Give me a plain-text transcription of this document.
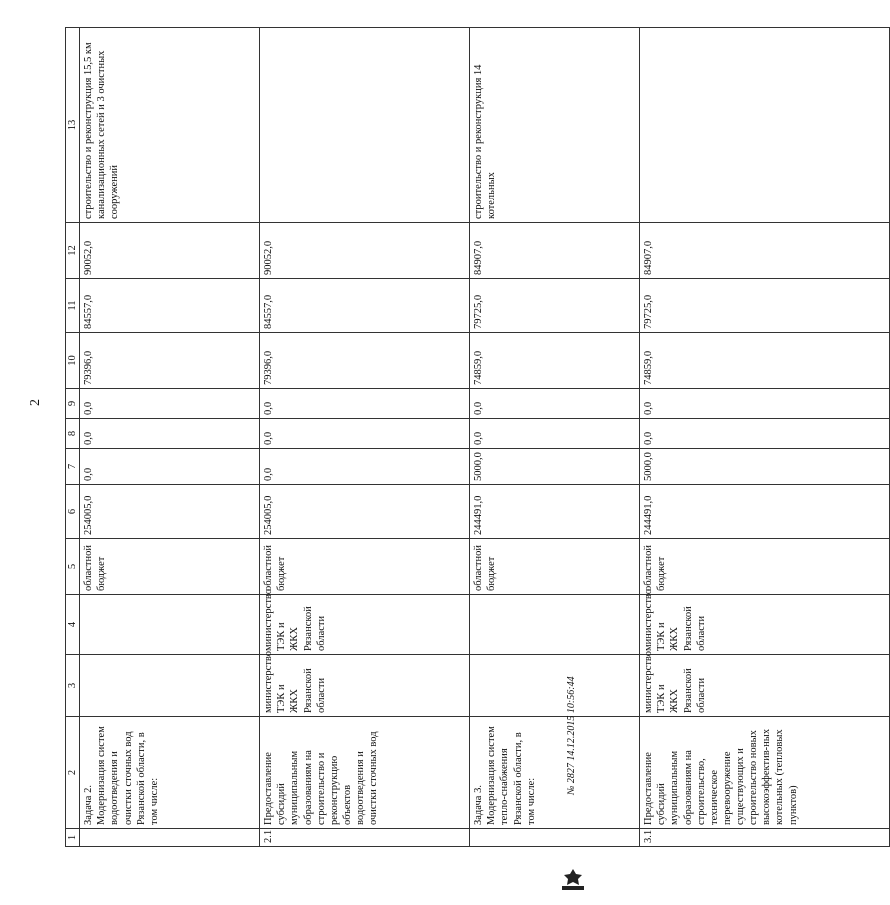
2
1	2	3	4	5	6	7	8	9	10	11	12	13
	Задача 2. Модернизация систем водоотведения и очистки сточных вод Рязанской области, в том числе:			областной бюджет	254005,0	0,0	0,0	0,0	79396,0	84557,0	90052,0	строительство и реконструкция 15,5 км канализационных сетей и 3 очистных сооружений
2.1	Предоставление субсидий муниципальным образованиям на строительство и реконструкцию объектов водоотведения и очистки сточных вод	министерство ТЭК и ЖКХ Рязанской области	министерство ТЭК и ЖКХ Рязанской области	областной бюджет	254005,0	0,0	0,0	0,0	79396,0	84557,0	90052,0	
	Задача 3. Модернизация систем тепло-снабжения Рязанской области, в том числе:			областной бюджет	244491,0	5000,0	0,0	0,0	74859,0	79725,0	84907,0	строительство и реконструкция 14 котельных
3.1	Предоставление субсидий муниципальным образованиям на строительство, техническое перевооружение существующих и строительство новых высокоэффектив-ных котельных (тепловых пунктов)	министерство ТЭК и ЖКХ Рязанской области	министерство ТЭК и ЖКХ Рязанской области	областной бюджет	244491,0	5000,0	0,0	0,0	74859,0	79725,0	84907,0	
№ 2827 14.12.2015 10:56:44
